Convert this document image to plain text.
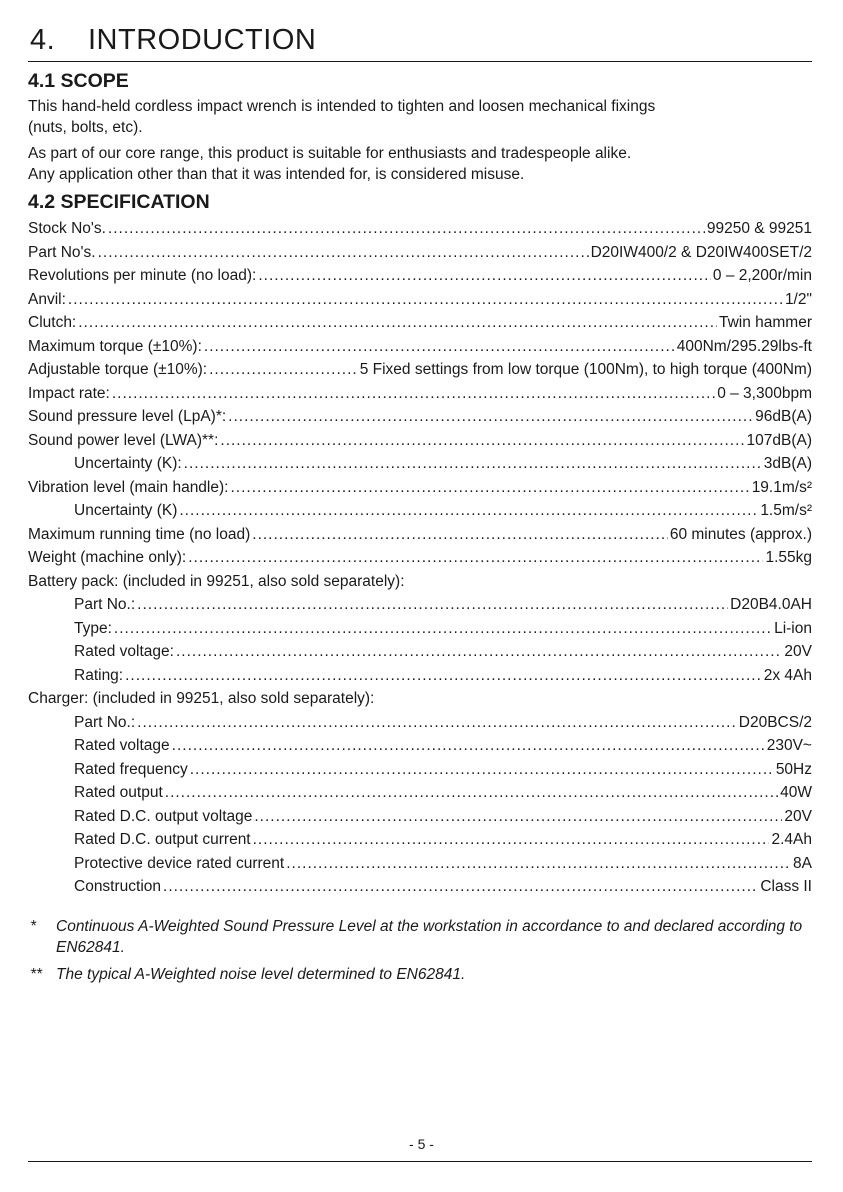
4. INTRODUCTION
4.1 SCOPE
This hand-held cordless impact wrench is intended to tighten and loosen mechanical fixings
(nuts, bolts, etc).
As part of our core range, this product is suitable for enthusiasts and tradespeople alike.
Any application other than that it was intended for, is considered misuse.
4.2 SPECIFICATION
Stock No's. .....	99250 & 99251
Part No's. .....	D20IW400/2 & D20IW400SET/2
Revolutions per minute (no load): .....	0 – 2,200r/min
Anvil: .....	1/2"
Clutch: .....	Twin hammer
Maximum torque (±10%): .....	400Nm/295.29lbs-ft
Adjustable torque (±10%): .....	5 Fixed settings from low torque (100Nm), to high torque (400Nm)
Impact rate: .....	0 – 3,300bpm
Sound pressure level (LpA)*: .....	96dB(A)
Sound power level (LWA)**: .....	107dB(A)
Uncertainty (K): .....	3dB(A)
Vibration level (main handle): .....	19.1m/s²
Uncertainty (K) .....	1.5m/s²
Maximum running time (no load) .....	60 minutes (approx.)
Weight (machine only): .....	1.55kg
Battery pack: (included in 99251, also sold separately):
Part No.: .....	D20B4.0AH
Type: .....	Li-ion
Rated voltage: .....	20V
Rating: .....	2x 4Ah
Charger: (included in 99251, also sold separately):
Part No.: .....	D20BCS/2
Rated voltage .....	230V~
Rated frequency .....	50Hz
Rated output .....	40W
Rated D.C. output voltage .....	20V
Rated D.C. output current .....	2.4Ah
Protective device rated current .....	8A
Construction .....	Class II
*	Continuous A-Weighted Sound Pressure Level at the workstation in accordance to and declared according to EN62841.
** The typical A-Weighted noise level determined to EN62841.
- 5 -
